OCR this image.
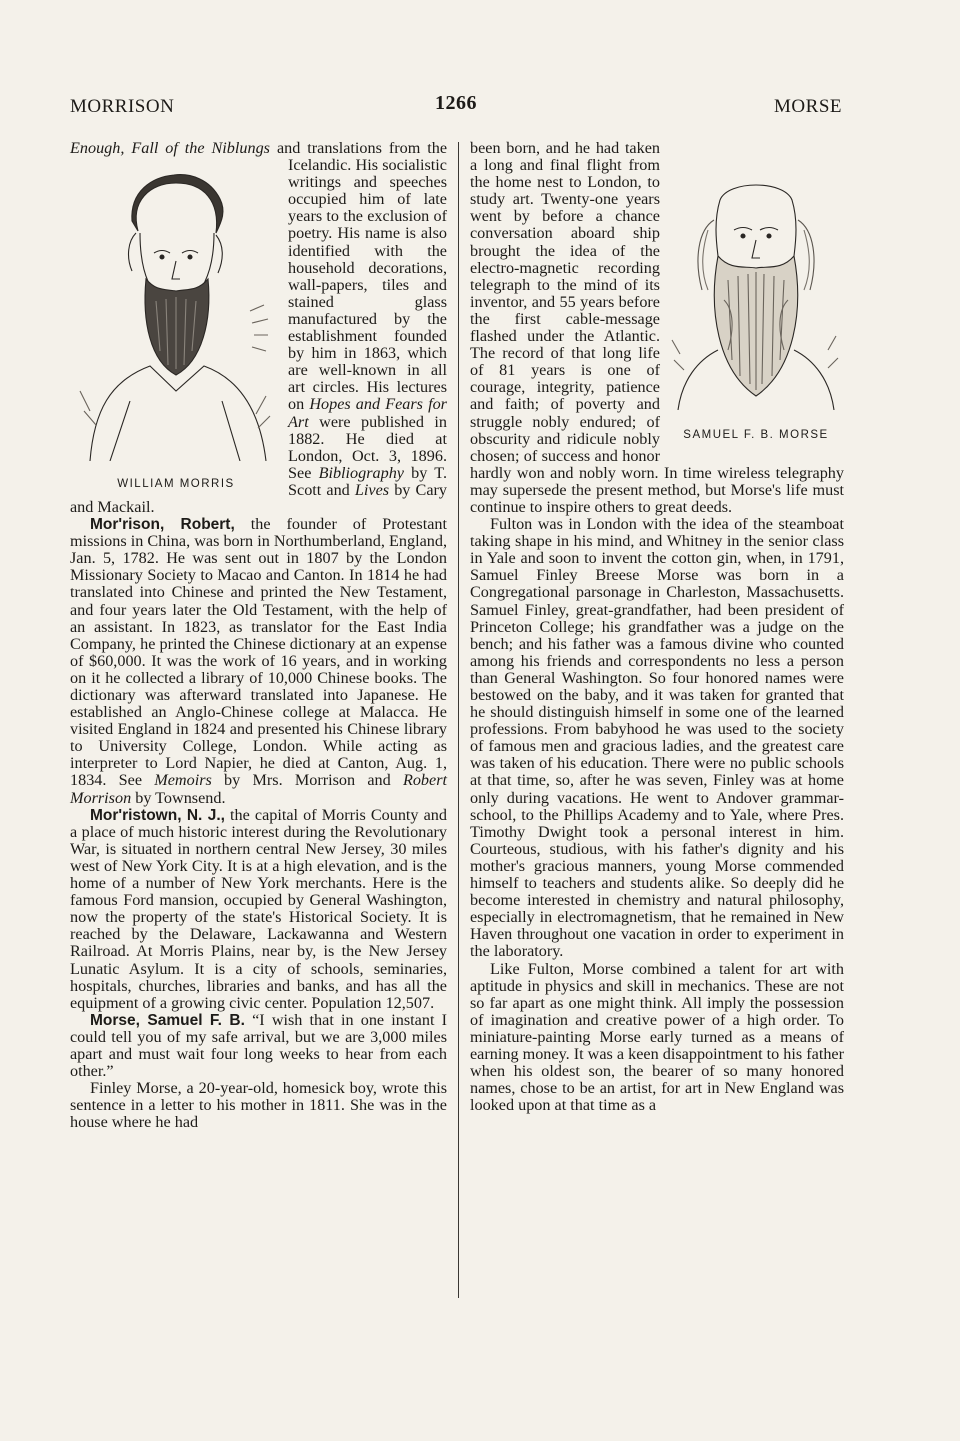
MORRISON	1266	MORSE

Enough, Fall of the Niblungs
WILLIAM MORRIS
and translations from the Icelandic. His socialistic writings and speeches occupied him of late years to the exclusion of poetry. His name is also identified with the household decorations, wall-papers, tiles and stained glass manufactured by the establishment founded by him in 1863, which are well-known in all art circles. His lectures on Hopes and Fears for Art were published in 1882. He died at London, Oct. 3, 1896. See Bibliography by T. Scott and Lives by Cary and Mackail.

Mor'rison, Robert, the founder of Protestant missions in China, was born in Northumberland, England, Jan. 5, 1782. He was sent out in 1807 by the London Missionary Society to Macao and Canton. In 1814 he had translated into Chinese and printed the New Testament, and four years later the Old Testament, with the help of an assistant. In 1823, as translator for the East India Company, he printed the Chinese dictionary at an expense of $60,000. It was the work of 16 years, and in working on it he collected a library of 10,000 Chinese books. The dictionary was afterward translated into Japanese. He established an Anglo-Chinese college at Malacca. He visited England in 1824 and presented his Chinese library to University College, London. While acting as interpreter to Lord Napier, he died at Canton, Aug. 1, 1834. See Memoirs by Mrs. Morrison and Robert Morrison by Townsend.

Mor'ristown, N. J., the capital of Morris County and a place of much historic interest during the Revolutionary War, is situated in northern central New Jersey, 30 miles west of New York City. It is at a high elevation, and is the home of a number of New York merchants. Here is the famous Ford mansion, occupied by General Washington, now the property of the state's Historical Society. It is reached by the Delaware, Lackawanna and Western Railroad. At Morris Plains, near by, is the New Jersey Lunatic Asylum. It is a city of schools, seminaries, hospitals, churches, libraries and banks, and has all the equipment of a growing civic center. Population 12,507.

Morse, Samuel F. B. “I wish that in one instant I could tell you of my safe arrival, but we are 3,000 miles apart and must wait four long weeks to hear from each other.”

Finley Morse, a 20-year-old, homesick boy, wrote this sentence in a letter to his mother in 1811. She was in the house where he had

SAMUEL F. B. MORSE
been born, and he had taken a long and final flight from the home nest to London, to study art. Twenty-one years went by before a chance conversation aboard ship brought the idea of the electro-magnetic recording telegraph to the mind of its inventor, and 55 years before the first cable-message flashed under the Atlantic. The record of that long life of 81 years is one of courage, integrity, patience and faith; of poverty and struggle nobly endured; of obscurity and ridicule nobly chosen; of success and honor hardly won and nobly worn. In time wireless telegraphy may supersede the present method, but Morse's life must continue to inspire others to great deeds.

Fulton was in London with the idea of the steamboat taking shape in his mind, and Whitney in the senior class in Yale and soon to invent the cotton gin, when, in 1791, Samuel Finley Breese Morse was born in a Congregational parsonage in Charleston, Massachusetts. Samuel Finley, great-grandfather, had been president of Princeton College; his grandfather was a judge on the bench; and his father was a famous divine who counted among his friends and correspondents no less a person than General Washington. So four honored names were bestowed on the baby, and it was taken for granted that he should distinguish himself in some one of the learned professions. From babyhood he was used to the society of famous men and gracious ladies, and the greatest care was taken of his education. There were no public schools at that time, so, after he was seven, Finley was at home only during vacations. He went to Andover grammar-school, to the Phillips Academy and to Yale, where Pres. Timothy Dwight took a personal interest in him. Courteous, studious, with his father's dignity and his mother's gracious manners, young Morse commended himself to teachers and students alike. So deeply did he become interested in chemistry and natural philosophy, especially in electromagnetism, that he remained in New Haven throughout one vacation in order to experiment in the laboratory.

Like Fulton, Morse combined a talent for art with aptitude in physics and skill in mechanics. These are not so far apart as one might think. All imply the possession of imagination and creative power of a high order. To miniature-painting Morse early turned as a means of earning money. It was a keen disappointment to his father when his oldest son, the bearer of so many honored names, chose to be an artist, for art in New England was looked upon at that time as a
